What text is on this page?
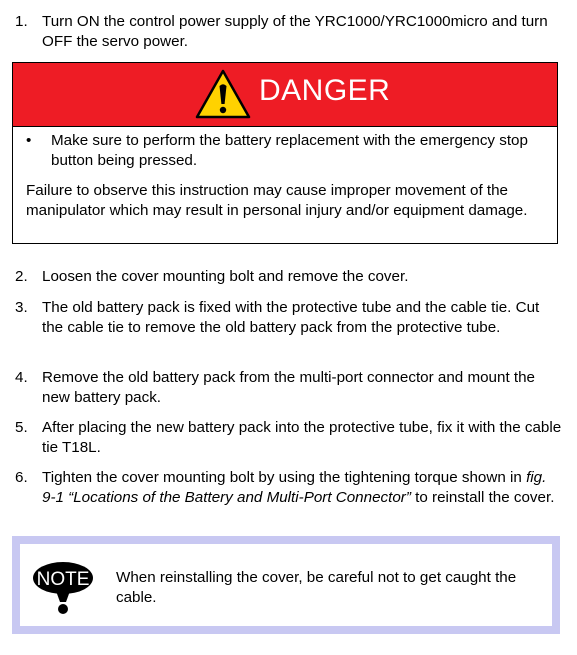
1. Turn ON the control power supply of the YRC1000/YRC1000micro and turn OFF the servo power.
DANGER
• Make sure to perform the battery replacement with the emergency stop button being pressed.
Failure to observe this instruction may cause improper movement of the manipulator which may result in personal injury and/or equipment damage.
2. Loosen the cover mounting bolt and remove the cover.
3. The old battery pack is fixed with the protective tube and the cable tie. Cut the cable tie to remove the old battery pack from the protective tube.
4. Remove the old battery pack from the multi-port connector and mount the new battery pack.
5. After placing the new battery pack into the protective tube, fix it with the cable tie T18L.
6. Tighten the cover mounting bolt by using the tightening torque shown in fig. 9-1 “Locations of the Battery and Multi-Port Connector” to reinstall the cover.
NOTE When reinstalling the cover, be careful not to get caught the cable.
